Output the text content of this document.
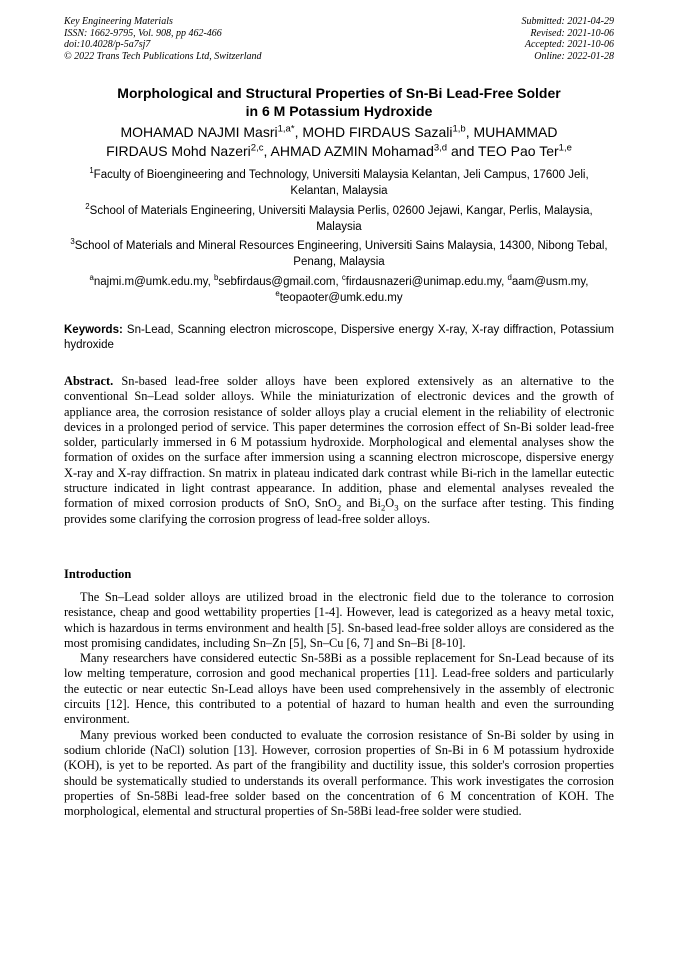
Key Engineering Materials
ISSN: 1662-9795, Vol. 908, pp 462-466
doi:10.4028/p-5a7sj7
© 2022 Trans Tech Publications Ltd, Switzerland
Submitted: 2021-04-29
Revised: 2021-10-06
Accepted: 2021-10-06
Online: 2022-01-28
Morphological and Structural Properties of Sn-Bi Lead-Free Solder
in 6 M Potassium Hydroxide
MOHAMAD NAJMI Masri$^{1,a*}$, MOHD FIRDAUS Sazali$^{1,b}$, MUHAMMAD
FIRDAUS Mohd Nazeri$^{2,c}$, AHMAD AZMIN Mohamad$^{3,d}$ and TEO Pao Ter$^{1,e}$
$^1$Faculty of Bioengineering and Technology, Universiti Malaysia Kelantan, Jeli Campus, 17600 Jeli, Kelantan, Malaysia
$^2$School of Materials Engineering, Universiti Malaysia Perlis, 02600 Jejawi, Kangar, Perlis, Malaysia, Malaysia
$^3$School of Materials and Mineral Resources Engineering, Universiti Sains Malaysia, 14300, Nibong Tebal, Penang, Malaysia
$^a$najmi.m@umk.edu.my, $^b$sebfirdaus@gmail.com, $^c$firdausnazeri@unimap.edu.my, $^d$aam@usm.my, $^e$teopaoter@umk.edu.my
Keywords: Sn-Lead, Scanning electron microscope, Dispersive energy X-ray, X-ray diffraction, Potassium hydroxide
Abstract. Sn-based lead-free solder alloys have been explored extensively as an alternative to the conventional Sn–Lead solder alloys. While the miniaturization of electronic devices and the growth of appliance area, the corrosion resistance of solder alloys play a crucial element in the reliability of electronic devices in a prolonged period of service. This paper determines the corrosion effect of Sn-Bi solder lead-free solder, particularly immersed in 6 M potassium hydroxide. Morphological and elemental analyses show the formation of oxides on the surface after immersion using a scanning electron microscope, dispersive energy X-ray and X-ray diffraction. Sn matrix in plateau indicated dark contrast while Bi-rich in the lamellar eutectic structure indicated in light contrast appearance. In addition, phase and elemental analyses revealed the formation of mixed corrosion products of SnO, SnO$_2$ and $Bi_2O_3$ on the surface after testing. This finding provides some clarifying the corrosion progress of lead-free solder alloys.
Introduction

The Sn–Lead solder alloys are utilized broad in the electronic field due to the tolerance to corrosion resistance, cheap and good wettability properties [1-4]. However, lead is categorized as a heavy metal toxic, which is hazardous in terms environment and health [5]. Sn-based lead-free solder alloys are considered as the most promising candidates, including Sn–Zn [5], Sn–Cu [6, 7] and Sn–Bi [8-10].

Many researchers have considered eutectic Sn-58Bi as a possible replacement for Sn-Lead because of its low melting temperature, corrosion and good mechanical properties [11]. Lead-free solders and particularly the eutectic or near eutectic Sn-Lead alloys have been used comprehensively in the assembly of electronic circuits [12]. Hence, this contributed to a potential of hazard to human health and even the surrounding environment.

Many previous worked been conducted to evaluate the corrosion resistance of Sn-Bi solder by using in sodium chloride (NaCl) solution [13]. However, corrosion properties of Sn-Bi in 6 M potassium hydroxide (KOH), is yet to be reported. As part of the frangibility and ductility issue, this solder's corrosion properties should be systematically studied to understands its overall performance. This work investigates the corrosion properties of Sn-58Bi lead-free solder based on the concentration of 6 M concentration of KOH. The morphological, elemental and structural properties of Sn-58Bi lead-free solder were studied.
